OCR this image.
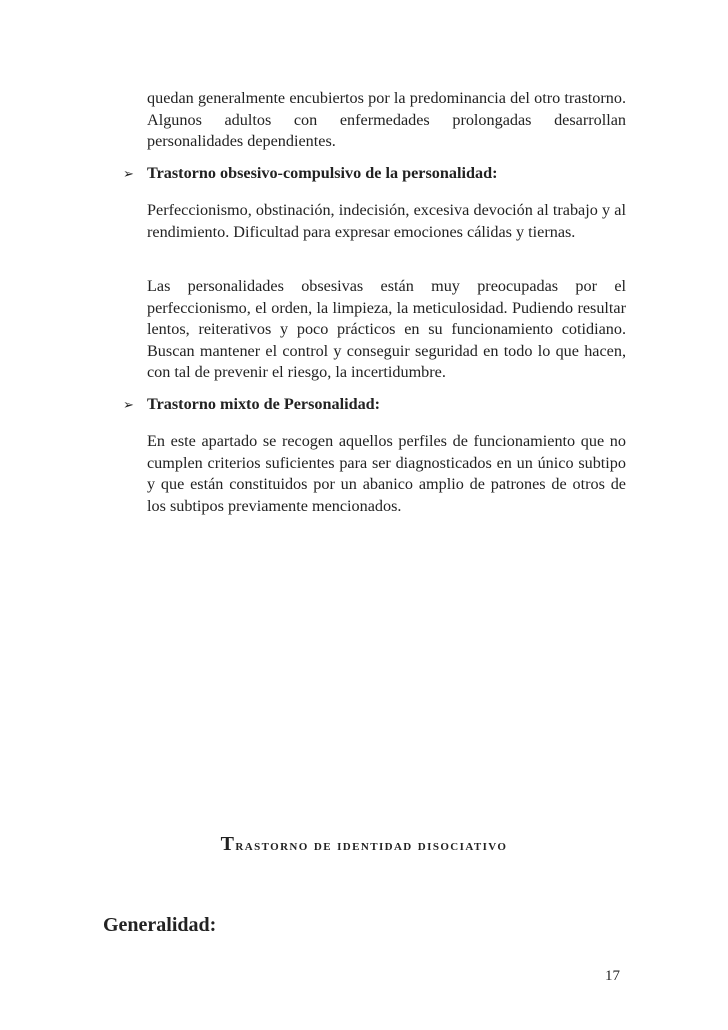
quedan generalmente encubiertos por la predominancia del otro trastorno. Algunos adultos con enfermedades prolongadas desarrollan personalidades dependientes.
➢ Trastorno obsesivo-compulsivo de la personalidad:
Perfeccionismo, obstinación, indecisión, excesiva devoción al trabajo y al rendimiento. Dificultad para expresar emociones cálidas y tiernas.
Las personalidades obsesivas están muy preocupadas por el perfeccionismo, el orden, la limpieza, la meticulosidad. Pudiendo resultar lentos, reiterativos y poco prácticos en su funcionamiento cotidiano. Buscan mantener el control y conseguir seguridad en todo lo que hacen, con tal de prevenir el riesgo, la incertidumbre.
➢ Trastorno mixto de Personalidad:
En este apartado se recogen aquellos perfiles de funcionamiento que no cumplen criterios suficientes para ser diagnosticados en un único subtipo y que están constituidos por un abanico amplio de patrones de otros de los subtipos previamente mencionados.
Trastorno de identidad disociativo
Generalidad:
17
